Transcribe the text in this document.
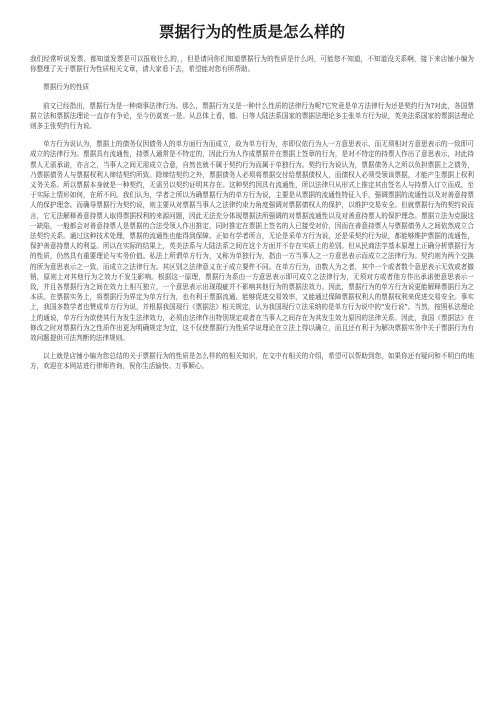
票据行为的性质是怎么样的

我们经常听说发票、都知道发票是可以报账什么的，，但是请问你们知道票据行为的性质是什么吗，可能您不知道，不知道没关系啊，接下来店铺小编为你整理了关于票据行为性质相关文章，请大家看下去，希望能对您有所帮助。

票据行为的性质

前文已经指出，票据行为是一种商事法律行为。那么，票据行为又是一种什么性质的法律行为呢?它究竟是单方法律行为还是契约行为?对此，各国票据立法和票据法理论一直存有争论，至今仍莫衷一是。从总体上看，德、日等大陆法系国家的票据法理论多主张单方行为说，英美法系国家的票据法理论则多主张契约行为说。

单方行为说认为，票据上的债务仅因债务人的单方面行为而成立，故为单方行为，亦即仅依行为人一方意思表示、而无须相对方意思表示的一致即可成立的法律行为。票据具有流通性，持票人通常是不特定的，因此行为人作成票据并在票据上签章的行为，是对不特定的持票人作出了意思表示，对此持票人无需承诺，亦言之，当事人之间无需成立合意，自然也就不属于契约行为而属于单独行为。契约行为说认为，票据债务人之所以负担票据上之债务，乃票据债务人与票据权利人缔结契约所致。除缔结契约之外，票据债务人必须将票据交付给票据债权人，而债权人必须受领该票据，才能产生票据上权利义务关系。所以票据本身就是一种契约，无需另以契约证明其存在。这种契约因具有流通性，所以法律只从形式上推定其由签名人与持票人订立而成，至于实际上情形如何，在所不问。我们认为，学者之所以为确票据行为的单方行为说，主要是从票据的流通性特征入手，强调票据的流通性以及对善意持票人的保护理念。而确导票据行为契约说，则主要从对票据当事人之法律约束力角度强调对票据债权人的保护，以维护交易安全。但就票据行为的契约说而言，它无法解释善意持票人取得票据权利的来源问题，因此无法充分体现票据法所强调的对票据流通性以及对善意持票人的保护理念。票据立法为克服这一缺陷，一般都会对善意持票人是票据的合法受领人作出推定，同时推定在票据上签名的人已接受对价，因而在善意持票人与票据债务人之间依然成立合法契约关系。通过这种技术处理，票据的流通性也能得到保障。正如有学者所言，无论是采单方行为说，还是采契约行为说，都能够维护票据的流通性，保护善意持票人的利益。所以在实际的结果上，英美法系与大陆法系之间在这个方面并不存在实质上的差别。但从民商法学基本原理上正确分析票据行为的性质，仍然具有重要理论与实务价值。私法上所谓单方行为，又称为单独行为，指由一方当事人之一方意思表示而成立之法律行为。契约则为两个交换的所为意思表示之一致，而成立之法律行为。其区别之法律意义在于成立要件不同。在单方行为，由数人为之者，其中一个或者数个意思表示无效或者撤销，原则上对其他行为之效力不发生影响。根据这一原理，票据行为系由一方意思表示即可成立之法律行为，无须对方或者他方作出承诺使意思表示一致，并且各票据行为之间在效力上相互独立，一个意思表示出现瑕疵并不影响其他行为的票据法效力。因此，票据行为的单方行为说更能解释票据行为之本质。在票据实务上，将票据行为界定为单方行为，也有利于票据流通、能够促进交易效率，又能通过保障票据权利人的票据权利来促进交易安全。事实上，我国多数学者也赞成单方行为说，并根据我国现行《票据法》相关规定，认为我国现行立法采纳的是单方行为说中的“发行说”。当然，按照私法理论上的通说，单方行为欲使其行为发生法律效力，必须由法律作出特别规定或者在当事人之间存在为其发生效力原因的法律关系。因此，我国《票据法》在修改之时对票据行为之性质作出更为明确规定为宜，这不仅使票据行为性质学说理论在立法上得以确立，而且还有利于为解决票据实务中关于票据行为有效问题提供可法判断的法律规则。

以上就是店铺小编为您总结的关于票据行为的性质是怎么样的的相关知识，在文中有相关的介绍，希望可以帮助到您，如果你还有疑问和不明白的地方，欢迎在本网站进行律师咨询，祝你生活愉快、万事顺心。
